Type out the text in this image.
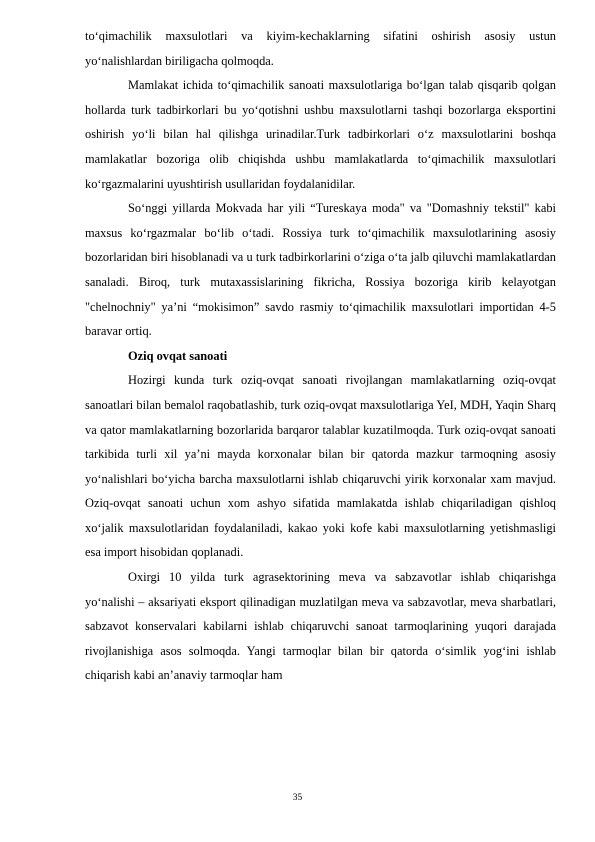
to‘qimachilik maxsulotlari va kiyim-kechaklarning sifatini oshirish asosiy ustun yo‘nalishlardan biriligacha qolmoqda.

Mamlakat ichida to‘qimachilik sanoati maxsulotlariga bo‘lgan talab qisqarib qolgan hollarda turk tadbirkorlari bu yo‘qotishni ushbu maxsulotlarni tashqi bozorlarga eksportini oshirish yo‘li bilan hal qilishga urinadilar.Turk tadbirkorlari o‘z maxsulotlarini boshqa mamlakatlar bozoriga olib chiqishda ushbu mamlakatlarda to‘qimachilik maxsulotlari ko‘rgazmalarini uyushtirish usullaridan foydalanidilar.

So‘nggi yillarda Mokvada har yili “Tureskaya moda" va "Domashniy tekstil" kabi maxsus ko‘rgazmalar bo‘lib o‘tadi. Rossiya turk to‘qimachilik maxsulotlarining asosiy bozorlaridan biri hisoblanadi va u turk tadbirkorlarini o‘ziga o‘ta jalb qiluvchi mamlakatlardan sanaladi. Biroq, turk mutaxassislarining fikricha, Rossiya bozoriga kirib kelayotgan "chelnochniy" ya’ni “mokisimon” savdo rasmiy to‘qimachilik maxsulotlari importidan 4-5 baravar ortiq.

Oziq ovqat sanoati

Hozirgi kunda turk oziq-ovqat sanoati rivojlangan mamlakatlarning oziq-ovqat sanoatlari bilan bemalol raqobatlashib, turk oziq-ovqat maxsulotlariga YeI, MDH, Yaqin Sharq va qator mamlakatlarning bozorlarida barqaror talablar kuzatilmoqda. Turk oziq-ovqat sanoati tarkibida turli xil ya’ni mayda korxonalar bilan bir qatorda mazkur tarmoqning asosiy yo‘nalishlari bo‘yicha barcha maxsulotlarni ishlab chiqaruvchi yirik korxonalar xam mavjud. Oziq-ovqat sanoati uchun xom ashyo sifatida mamlakatda ishlab chiqariladigan qishloq xo‘jalik maxsulotlaridan foydalaniladi, kakao yoki kofe kabi maxsulotlarning yetishmasligi esa import hisobidan qoplanadi.

Oxirgi 10 yilda turk agrasektorining meva va sabzavotlar ishlab chiqarishga yo‘nalishi – aksariyati eksport qilinadigan muzlatilgan meva va sabzavotlar, meva sharbatlari, sabzavot konservalari kabilarni ishlab chiqaruvchi sanoat tarmoqlarining yuqori darajada rivojlanishiga asos solmoqda. Yangi tarmoqlar bilan bir qatorda o‘simlik yog‘ini ishlab chiqarish kabi an’anaviy tarmoqlar ham

35
